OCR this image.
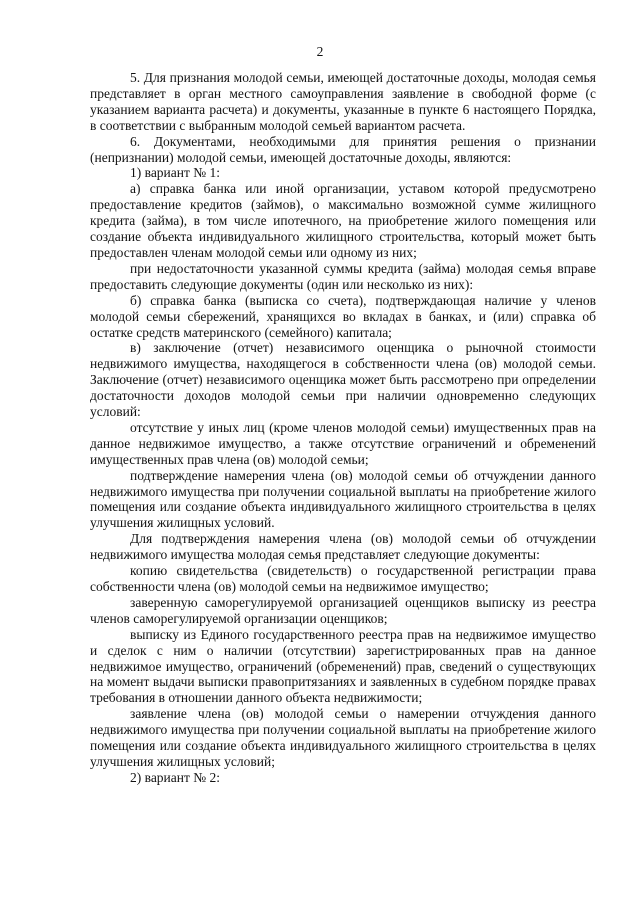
2

5. Для признания молодой семьи, имеющей достаточные доходы, молодая семья представляет в орган местного самоуправления заявление в свободной форме (с указанием варианта расчета) и документы, указанные в пункте 6 настоящего Порядка, в соответствии с выбранным молодой семьей вариантом расчета.

6. Документами, необходимыми для принятия решения о признании (непризнании) молодой семьи, имеющей достаточные доходы, являются:

1) вариант № 1:

а) справка банка или иной организации, уставом которой предусмотрено предоставление кредитов (займов), о максимально возможной сумме жилищного кредита (займа), в том числе ипотечного, на приобретение жилого помещения или создание объекта индивидуального жилищного строительства, который может быть предоставлен членам молодой семьи или одному из них;

при недостаточности указанной суммы кредита (займа) молодая семья вправе предоставить следующие документы (один или несколько из них):

б) справка банка (выписка со счета), подтверждающая наличие у членов молодой семьи сбережений, хранящихся во вкладах в банках, и (или) справка об остатке средств материнского (семейного) капитала;

в) заключение (отчет) независимого оценщика о рыночной стоимости недвижимого имущества, находящегося в собственности члена (ов) молодой семьи. Заключение (отчет) независимого оценщика может быть рассмотрено при определении достаточности доходов молодой семьи при наличии одновременно следующих условий:

отсутствие у иных лиц (кроме членов молодой семьи) имущественных прав на данное недвижимое имущество, а также отсутствие ограничений и обременений имущественных прав члена (ов) молодой семьи;

подтверждение намерения члена (ов) молодой семьи об отчуждении данного недвижимого имущества при получении социальной выплаты на приобретение жилого помещения или создание объекта индивидуального жилищного строительства в целях улучшения жилищных условий.

Для подтверждения намерения члена (ов) молодой семьи об отчуждении недвижимого имущества молодая семья представляет следующие документы:

копию свидетельства (свидетельств) о государственной регистрации права собственности члена (ов) молодой семьи на недвижимое имущество;

заверенную саморегулируемой организацией оценщиков выписку из реестра членов саморегулируемой организации оценщиков;

выписку из Единого государственного реестра прав на недвижимое имущество и сделок с ним о наличии (отсутствии) зарегистрированных прав на данное недвижимое имущество, ограничений (обременений) прав, сведений о существующих на момент выдачи выписки правопритязаниях и заявленных в судебном порядке правах требования в отношении данного объекта недвижимости;

заявление члена (ов) молодой семьи о намерении отчуждения данного недвижимого имущества при получении социальной выплаты на приобретение жилого помещения или создание объекта индивидуального жилищного строительства в целях улучшения жилищных условий;

2) вариант № 2:
